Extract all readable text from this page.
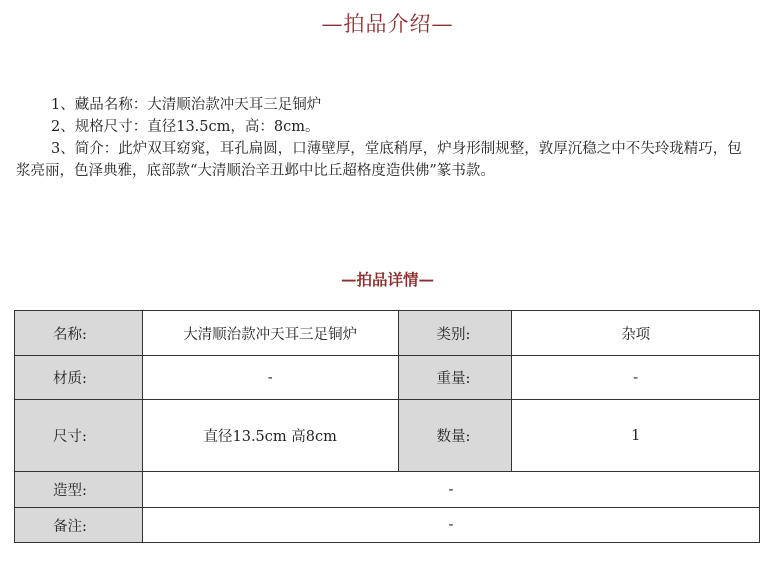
—拍品介绍—

1、藏品名称：大清顺治款冲天耳三足铜炉

2、规格尺寸：直径13.5cm，高：8cm。

3、简介：此炉双耳窈窕，耳孔扁圆，口薄壁厚，堂底稍厚，炉身形制规整，敦厚沉稳之中不失玲珑精巧，包浆亮丽，色泽典雅，底部款“大清顺治辛丑邺中比丘超格度造供佛”篆书款。

—拍品详情—
名称:	大清顺治款冲天耳三足铜炉	类别:	杂项
材质:	-	重量:	-
尺寸:	直径13.5cm 高8cm	数量:	1
造型:	-		
备注:	-		
